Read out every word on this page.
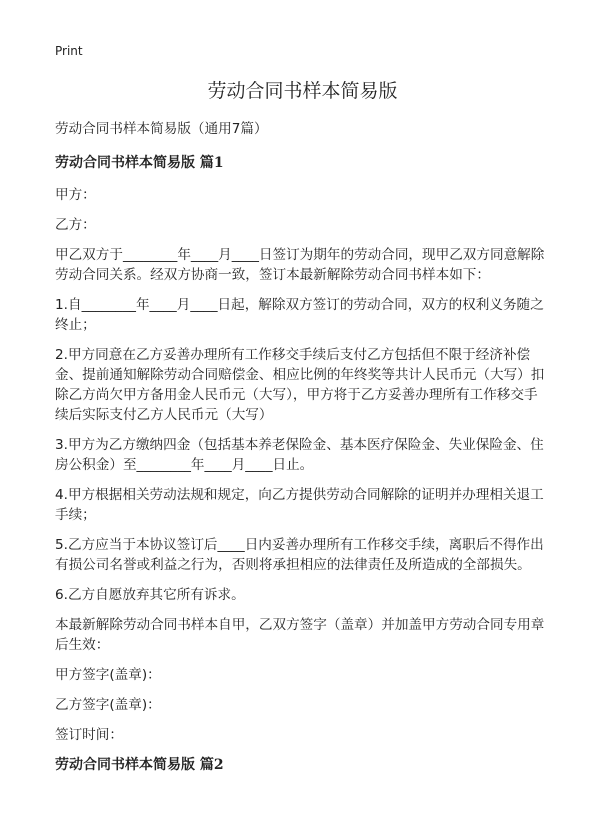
Print
劳动合同书样本简易版

劳动合同书样本简易版（通用7篇）

劳动合同书样本简易版 篇1

甲方：

乙方：

甲乙双方于________年____月____日签订为期年的劳动合同，现甲乙双方同意解除劳动合同关系。经双方协商一致，签订本最新解除劳动合同书样本如下：

1.自________年____月____日起，解除双方签订的劳动合同，双方的权利义务随之终止；

2.甲方同意在乙方妥善办理所有工作移交手续后支付乙方包括但不限于经济补偿金、提前通知解除劳动合同赔偿金、相应比例的年终奖等共计人民币元（大写）扣除乙方尚欠甲方备用金人民币元（大写），甲方将于乙方妥善办理所有工作移交手续后实际支付乙方人民币元（大写）

3.甲方为乙方缴纳四金（包括基本养老保险金、基本医疗保险金、失业保险金、住房公积金）至________年____月____日止。

4.甲方根据相关劳动法规和规定，向乙方提供劳动合同解除的证明并办理相关退工手续；

5.乙方应当于本协议签订后____日内妥善办理所有工作移交手续，离职后不得作出有损公司名誉或利益之行为，否则将承担相应的法律责任及所造成的全部损失。

6.乙方自愿放弃其它所有诉求。

本最新解除劳动合同书样本自甲，乙双方签字（盖章）并加盖甲方劳动合同专用章后生效：

甲方签字(盖章)：

乙方签字(盖章)：

签订时间：

劳动合同书样本简易版 篇2
